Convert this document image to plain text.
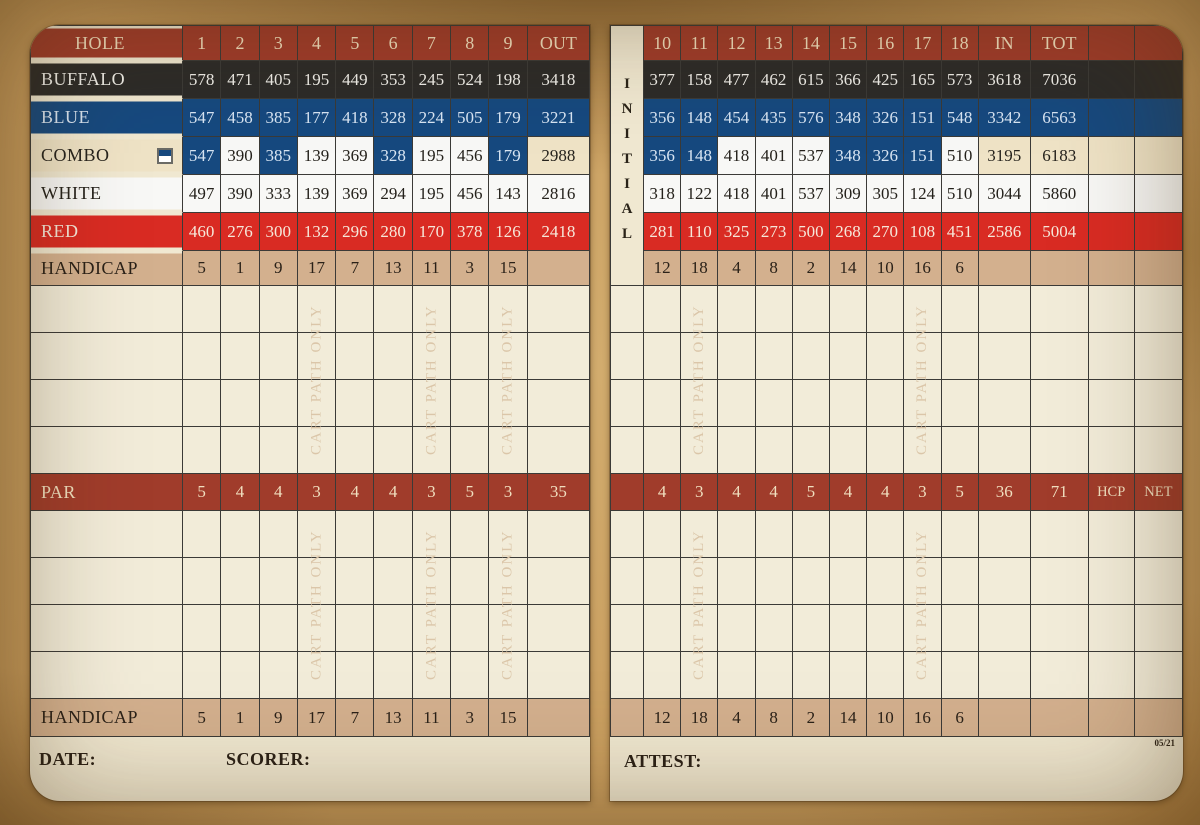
HOLE	1	2	3	4	5	6	7	8	9	OUT
BUFFALO	578 471 405 195 449 353 245 524 198	3418
BLUE	547 458 385 177 418 328 224 505 179	3221
COMBO	547 390 385 139 369 328 195 456 179	2988
WHITE	497 390 333 139 369 294 195 456 143	2816
RED	460 276 300 132 296 280 170 378 126	2418
HANDICAP	5	1	9	17	7	13	11	3	15
PAR	5	4	4	3	4	4	3	5	3	35
HANDICAP	5	1	9	17	7	13	11	3	15
CART PATH ONLY
CART PATH ONLY
CART PATH ONLY
CART PATH ONLY
CART PATH ONLY
CART PATH ONLY
DATE:	SCORER:
I
N
I
T
I
A
L
10	11	12	13	14	15	16	17	18	IN	TOT
377 158 477 462 615 366 425 165 573 3618	7036
356 148 454 435 576 348 326 151 548 3342	6563
356 148 418 401 537 348 326 151 510 3195	6183
318 122 418 401 537 309 305 124 510 3044	5860
281 110 325 273 500 268 270 108 451 2586	5004
12	18	4	8	2	14	10	16	6
4	3	4	4	5	4	4	3	5	36	71	HCP	NET
12	18	4	8	2	14	10	16	6
CART PATH ONLY
CART PATH ONLY
CART PATH ONLY
CART PATH ONLY
ATTEST:
05/21
